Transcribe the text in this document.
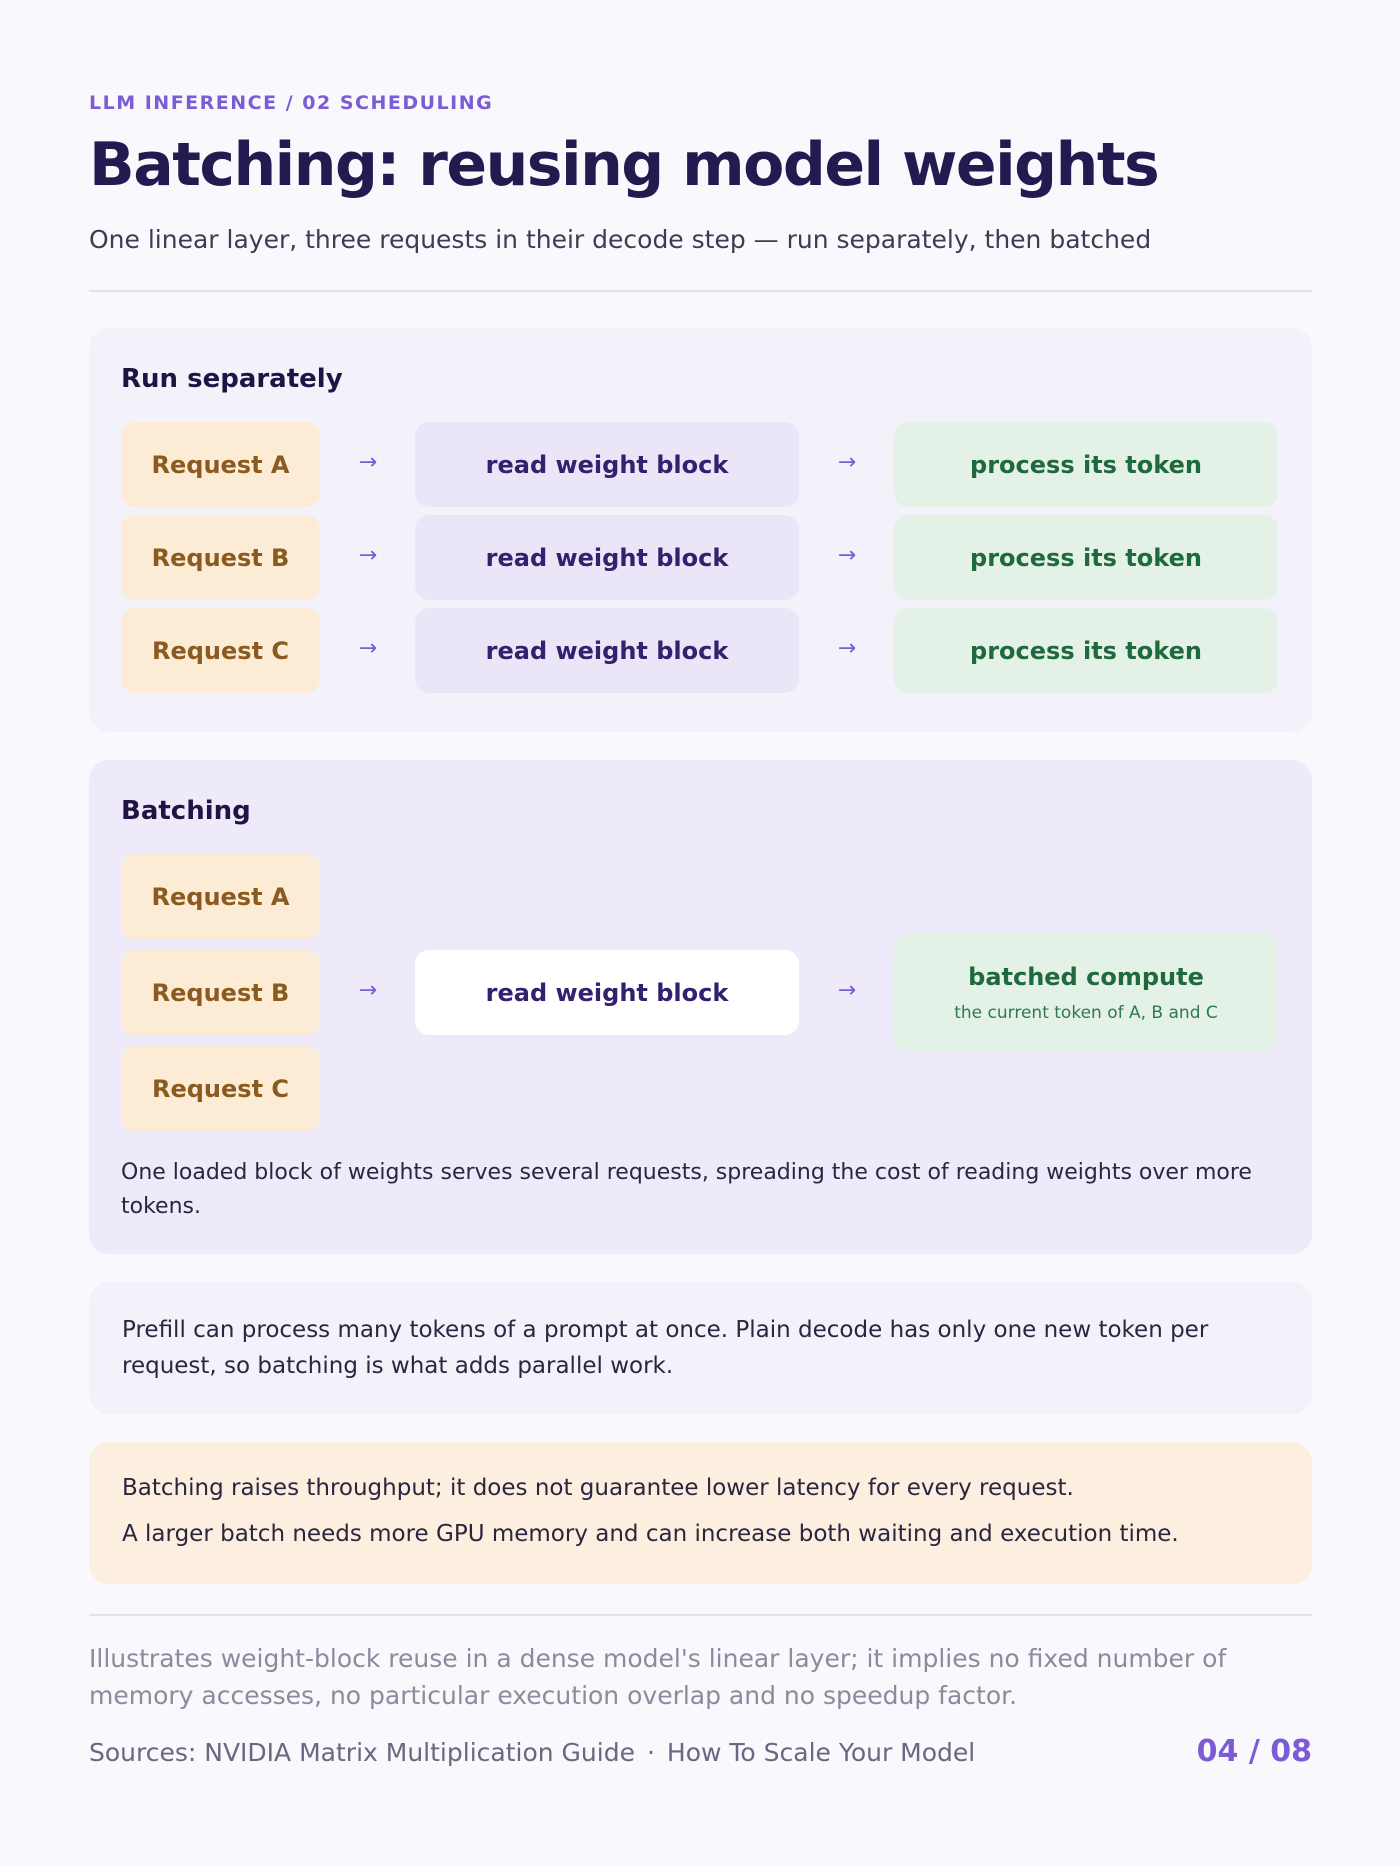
LLM INFERENCE / 02 SCHEDULING
Batching: reusing model weights
One linear layer, three requests in their decode step — run separately, then batched
Run separately
Request A	→	read weight block	→	process its token
Request B	→	read weight block	→	process its token
Request C	→	read weight block	→	process its token
Batching
Request A
Request B
Request C
→	read weight block	→	batched compute
the current token of A, B and C
One loaded block of weights serves several requests, spreading the cost of reading weights over more tokens.

Prefill can process many tokens of a prompt at once. Plain decode has only one new token per request, so batching is what adds parallel work.

Batching raises throughput; it does not guarantee lower latency for every request.

A larger batch needs more GPU memory and can increase both waiting and execution time.

Illustrates weight-block reuse in a dense model's linear layer; it implies no fixed number of memory accesses, no particular execution overlap and no speedup factor.
Sources: NVIDIA Matrix Multiplication Guide · How To Scale Your Model	04 / 08
